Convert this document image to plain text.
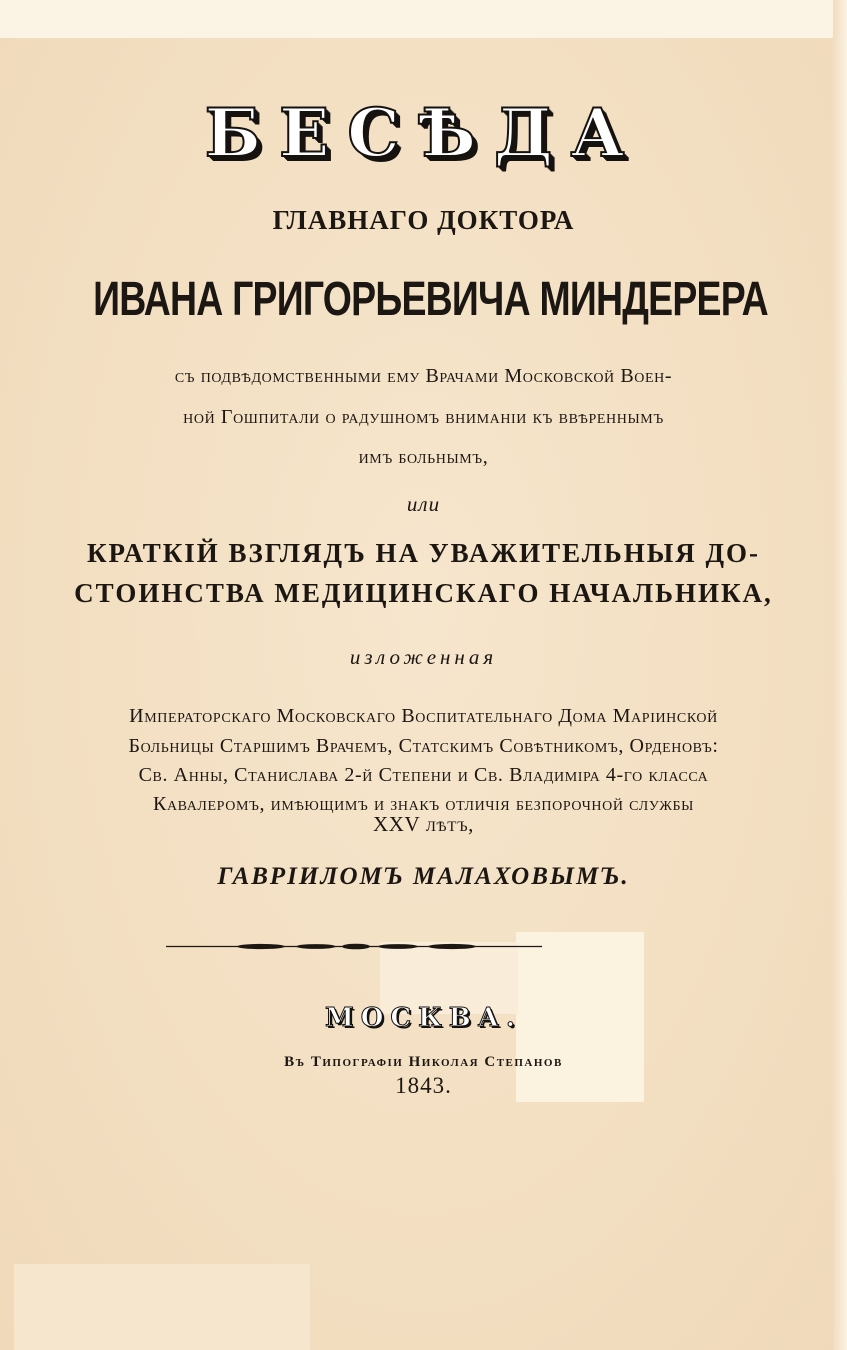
БЕСѢДА
ГЛАВНАГО ДОКТОРА
ИВАНА ГРИГОРЬЕВИЧА МИНДЕРЕРА
съ подвѣдомственными ему Врачами Московской Воен-
ной Гошпитали о радушномъ вниманіи къ ввѣреннымъ
имъ больнымъ,
или
КРАТКІЙ ВЗГЛЯДЪ НА УВАЖИТЕЛЬНЫЯ ДО-
СТОИНСТВА МЕДИЦИНСКАГО НАЧАЛЬНИКА,
изложенная
Императорскаго Московскаго Воспитательнаго Дома Маріинской
Больницы Старшимъ Врачемъ, Статскимъ Совѣтникомъ, Орденовъ:
Св. Анны, Станислава 2-й Степени и Св. Владиміра 4-го класса
Кавалеромъ, имѣющимъ и знакъ отличія безпорочной службы
XXV лѣтъ,
ГАВРІИЛОМЪ МАЛАХОВЫМЪ.
МОСКВА.
Въ Типографіи Николая Степанов
1843.
